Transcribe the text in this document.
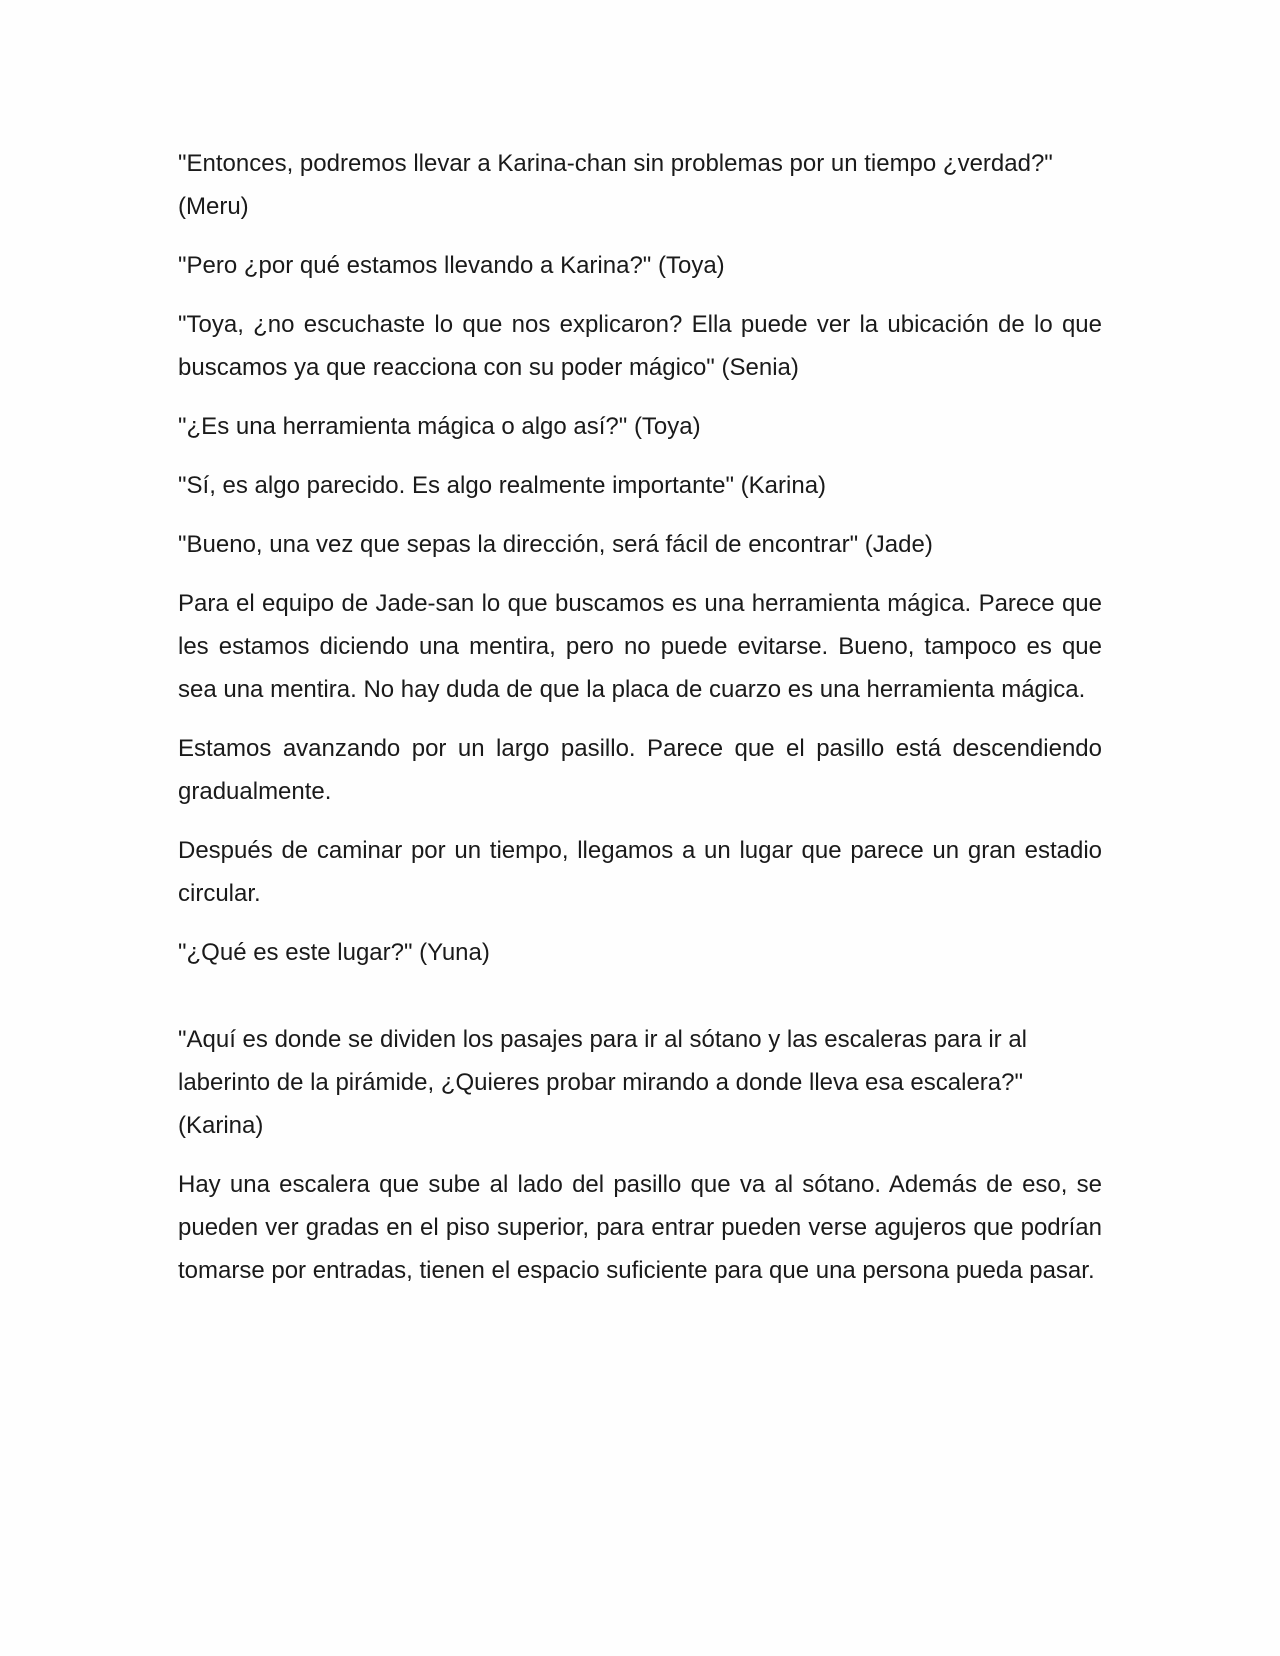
"Entonces, podremos llevar a Karina-chan sin problemas por un tiempo ¿verdad?" (Meru)

"Pero ¿por qué estamos llevando a Karina?" (Toya)

"Toya, ¿no escuchaste lo que nos explicaron? Ella puede ver la ubicación de lo que buscamos ya que reacciona con su poder mágico" (Senia)

"¿Es una herramienta mágica o algo así?" (Toya)

"Sí, es algo parecido. Es algo realmente importante" (Karina)

"Bueno, una vez que sepas la dirección, será fácil de encontrar" (Jade)

Para el equipo de Jade-san lo que buscamos es una herramienta mágica. Parece que les estamos diciendo una mentira, pero no puede evitarse. Bueno, tampoco es que sea una mentira. No hay duda de que la placa de cuarzo es una herramienta mágica.

Estamos avanzando por un largo pasillo. Parece que el pasillo está descendiendo gradualmente.

Después de caminar por un tiempo, llegamos a un lugar que parece un gran estadio circular.

"¿Qué es este lugar?" (Yuna)

"Aquí es donde se dividen los pasajes para ir al sótano y las escaleras para ir al laberinto de la pirámide, ¿Quieres probar mirando a donde lleva esa escalera?" (Karina)

Hay una escalera que sube al lado del pasillo que va al sótano. Además de eso, se pueden ver gradas en el piso superior, para entrar pueden verse agujeros que podrían tomarse por entradas, tienen el espacio suficiente para que una persona pueda pasar.
